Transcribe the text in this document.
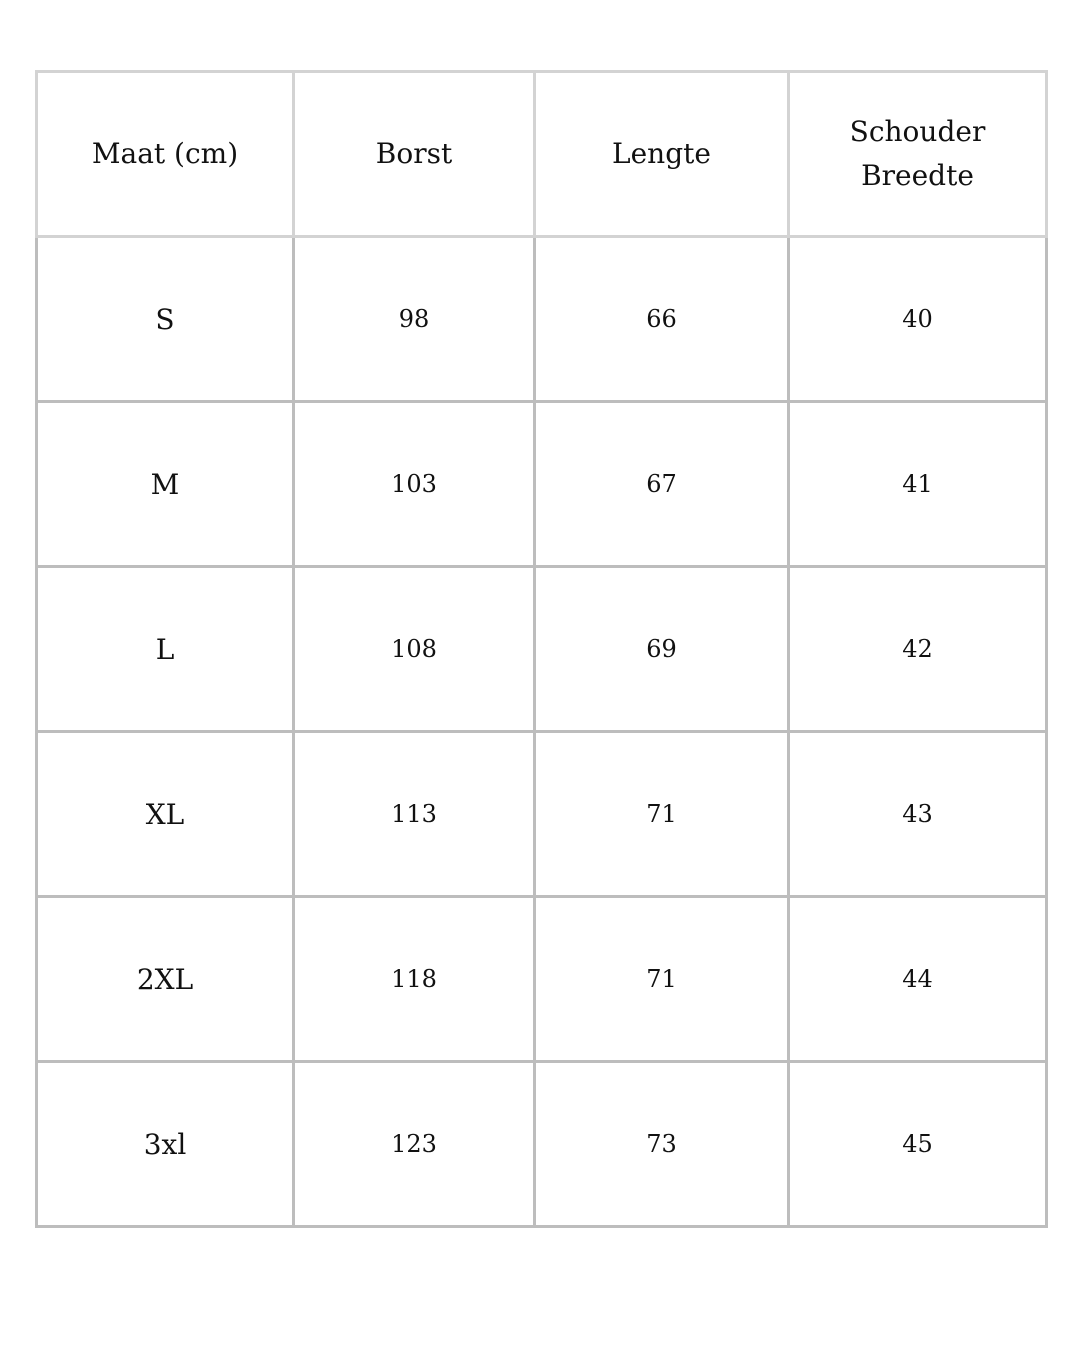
Maat (cm)	Borst	Lengte	Schouder Breedte
S	98	66	40
M	103	67	41
L	108	69	42
XL	113	71	43
2XL	118	71	44
3xl	123	73	45
